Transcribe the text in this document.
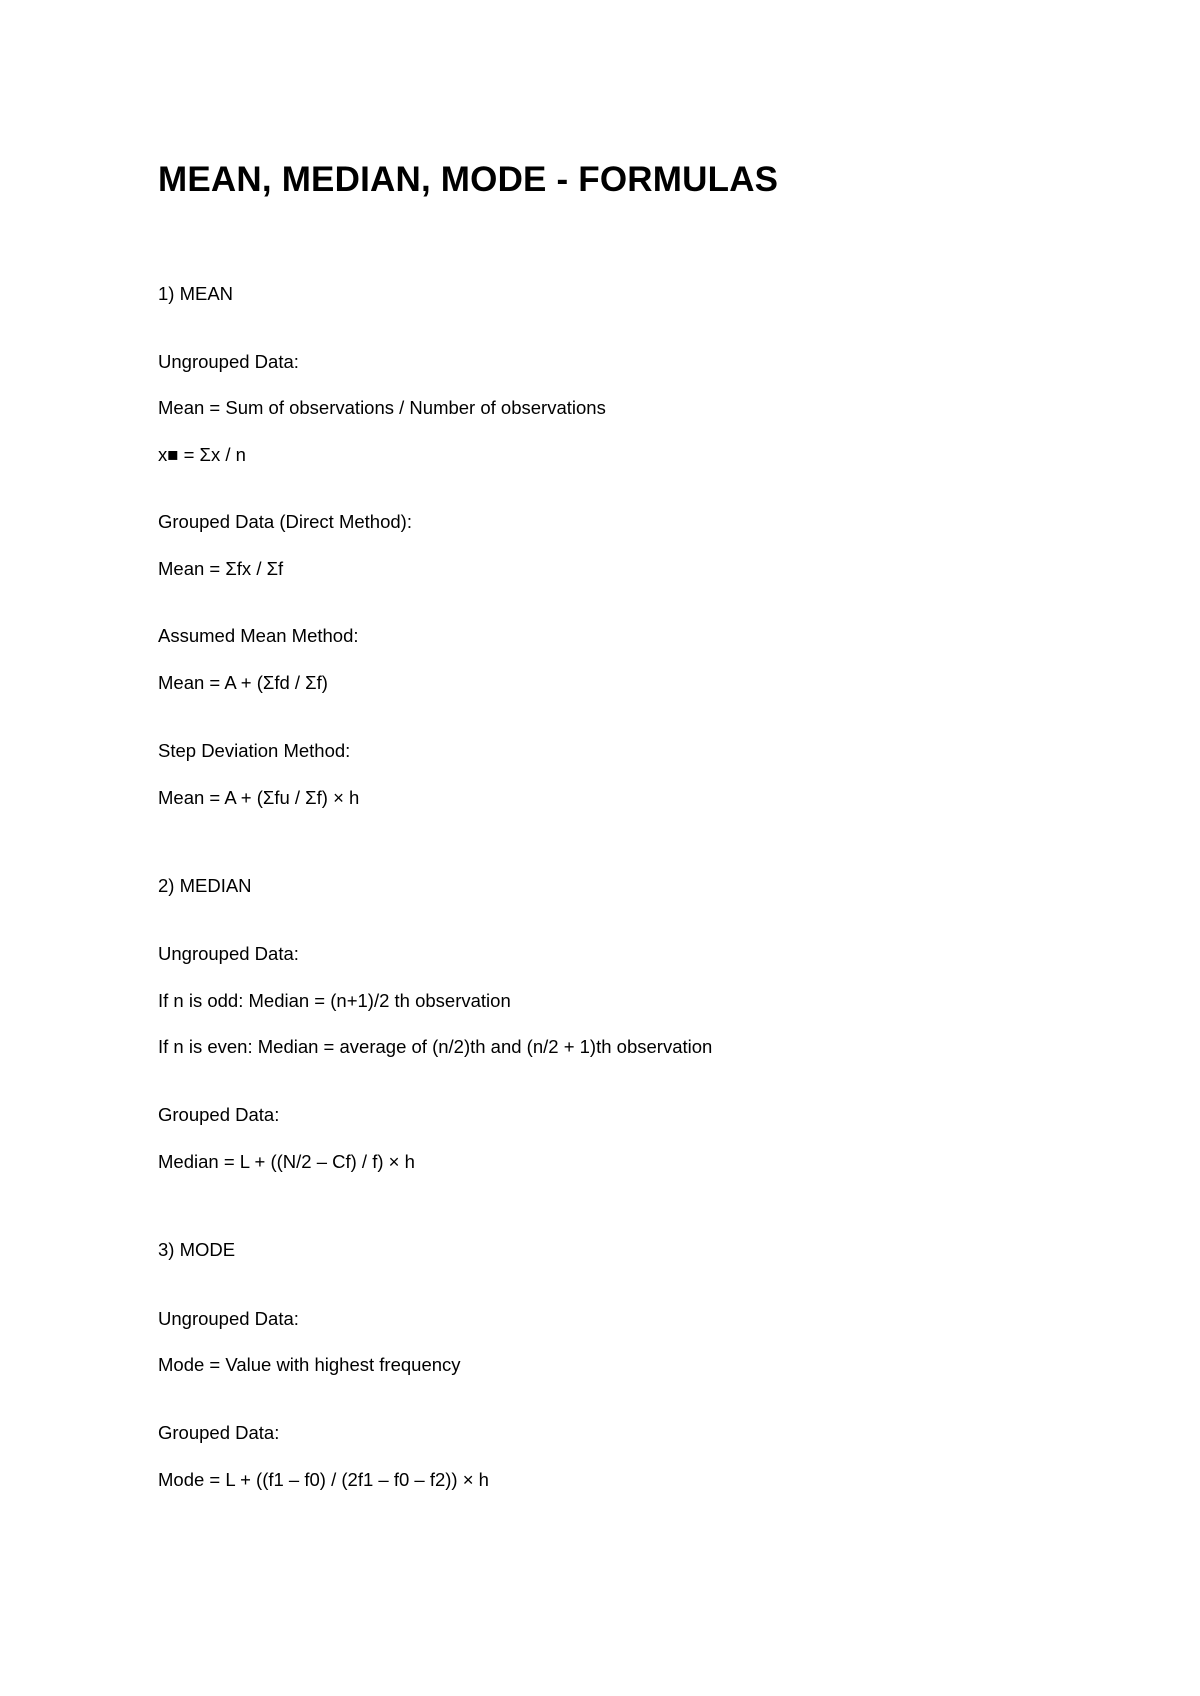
MEAN, MEDIAN, MODE - FORMULAS

1) MEAN

Ungrouped Data:

Mean = Sum of observations / Number of observations

x■ = Σx / n

Grouped Data (Direct Method):

Mean = Σfx / Σf

Assumed Mean Method:

Mean = A + (Σfd / Σf)

Step Deviation Method:

Mean = A + (Σfu / Σf) × h

2) MEDIAN

Ungrouped Data:

If n is odd: Median = (n+1)/2 th observation

If n is even: Median = average of (n/2)th and (n/2 + 1)th observation

Grouped Data:

Median = L + ((N/2 – Cf) / f) × h

3) MODE

Ungrouped Data:

Mode = Value with highest frequency

Grouped Data:

Mode = L + ((f1 – f0) / (2f1 – f0 – f2)) × h
